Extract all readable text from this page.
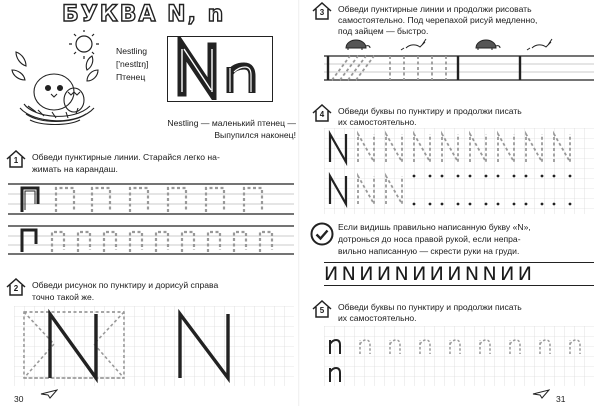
БУКВА N, n
Nestling
['nestlɪŋ]
Птенец
Nestling — маленький птенец —
Выпупился наконец!
1	Обведи пунктирные линии. Старайся легко на-
жимать на карандаш.
2	Обведи рисунок по пунктиру и дорисуй справа
точно такой же.
30
3	Обведи пунктирные линии и продолжи рисовать
самостоятельно. Под черепахой рисуй медленно,
под зайцем — быстро.
4	Обведи буквы по пунктиру и продолжи писать
их самостоятельно.
Если видишь правильно написанную букву «N»,
дотронься до носа правой рукой, если непра-
вильно написанную — скрести руки на груди.
ИNИИNИИИNNИИ
5	Обведи буквы по пунктиру и продолжи писать
их самостоятельно.
31
